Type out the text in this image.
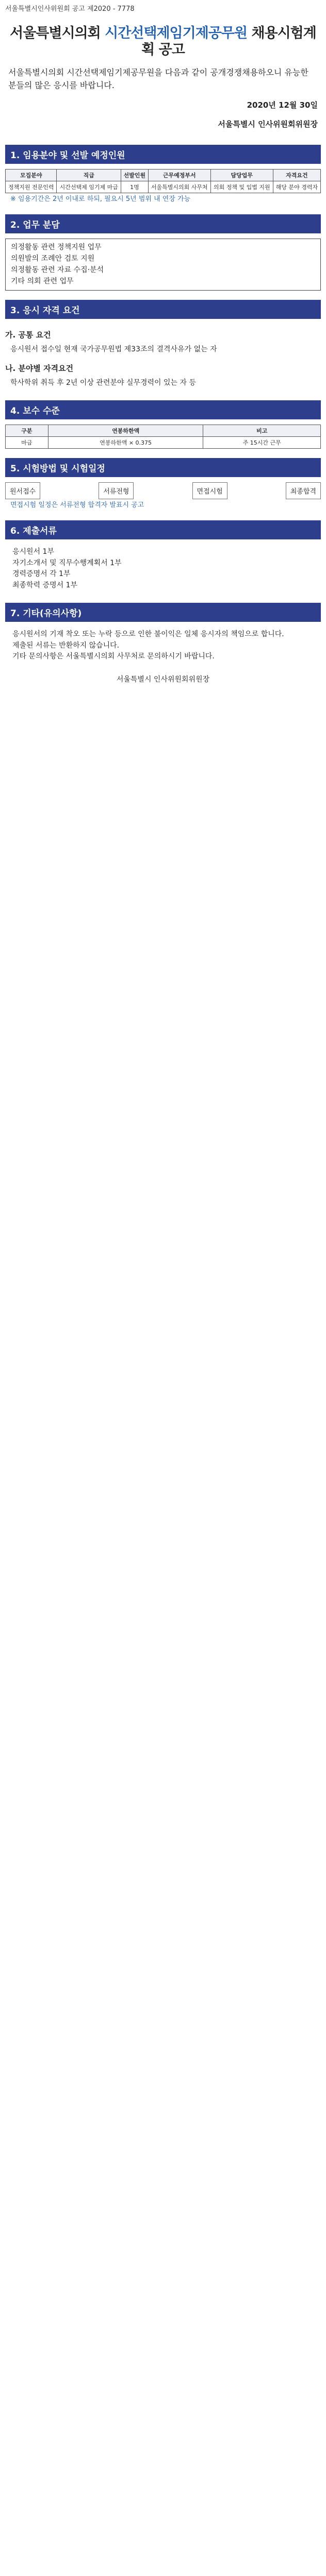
서울특별시인사위원회 공고 제2020 - 7778
서울특별시의회 시간선택제임기제공무원 채용시험계획 공고
서울특별시의회 시간선택제임기제공무원을 다음과 같이 공개경쟁채용하오니 유능한 분들의 많은 응시를 바랍니다.
2020년 12월 30일
서울특별시 인사위원회위원장
1. 임용분야 및 선발 예정인원
모집분야	직급	선발인원	근무예정부서	담당업무	자격요건
정책지원 전문인력	시간선택제 임기제 마급	1명	서울특별시의회 사무처	의회 정책 및 입법 지원	해당 분야 경력자
※ 임용기간은 2년 이내로 하되, 필요시 5년 범위 내 연장 가능
2. 업무 분담
의정활동 관련 정책지원 업무
의원발의 조례안 검토 지원
의정활동 관련 자료 수집·분석
기타 의회 관련 업무
3. 응시 자격 요건
가. 공통 요건
응시원서 접수일 현재 국가공무원법 제33조의 결격사유가 없는 자
나. 분야별 자격요건
학사학위 취득 후 2년 이상 관련분야 실무경력이 있는 자 등
4. 보수 수준
구분	연봉하한액	비고
마급	연봉하한액 × 0.375	주 15시간 근무
5. 시험방법 및 시험일정
원서접수	서류전형	면접시험	최종합격
면접시험 일정은 서류전형 합격자 발표시 공고
6. 제출서류
응시원서 1부
자기소개서 및 직무수행계획서 1부
경력증명서 각 1부
최종학력 증명서 1부
7. 기타(유의사항)
응시원서의 기재 착오 또는 누락 등으로 인한 불이익은 일체 응시자의 책임으로 합니다.
제출된 서류는 반환하지 않습니다.
기타 문의사항은 서울특별시의회 사무처로 문의하시기 바랍니다.
서울특별시 인사위원회위원장
